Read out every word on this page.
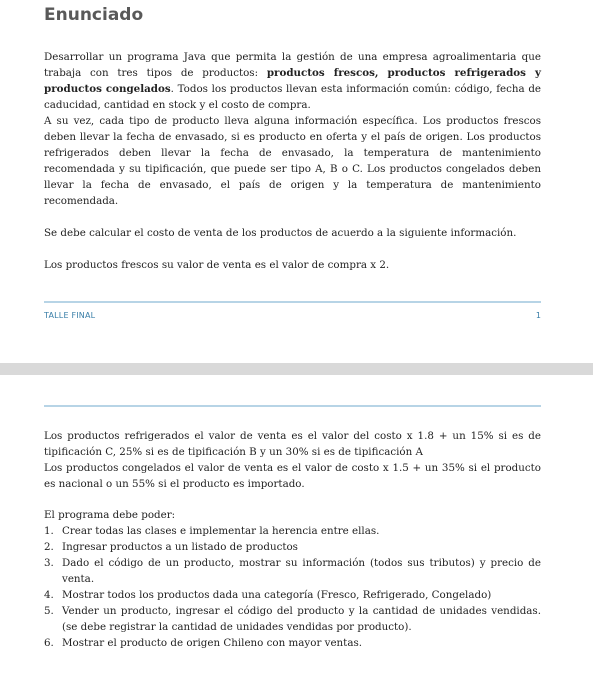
Enunciado

Desarrollar un programa Java que permita la gestión de una empresa agroalimentaria que trabaja con tres tipos de productos: productos frescos, productos refrigerados y productos congelados. Todos los productos llevan esta información común: código, fecha de caducidad, cantidad en stock y el costo de compra.

A su vez, cada tipo de producto lleva alguna información específica. Los productos frescos deben llevar la fecha de envasado, si es producto en oferta y el país de origen. Los productos refrigerados deben llevar la fecha de envasado, la temperatura de mantenimiento recomendada y su tipificación, que puede ser tipo A, B o C. Los productos congelados deben llevar la fecha de envasado, el país de origen y la temperatura de mantenimiento recomendada.

Se debe calcular el costo de venta de los productos de acuerdo a la siguiente información.

Los productos frescos su valor de venta es el valor de compra x 2.

TALLE FINAL	1

Los productos refrigerados el valor de venta es el valor del costo x 1.8 + un 15% si es de tipificación C, 25% si es de tipificación B y un 30% si es de tipificación A

Los productos congelados el valor de venta es el valor de costo x 1.5 + un 35% si el producto es nacional o un 55% si el producto es importado.

El programa debe poder:

1. Crear todas las clases e implementar la herencia entre ellas.
2. Ingresar productos a un listado de productos
3. Dado el código de un producto, mostrar su información (todos sus tributos) y precio de venta.
4. Mostrar todos los productos dada una categoría (Fresco, Refrigerado, Congelado)
5. Vender un producto, ingresar el código del producto y la cantidad de unidades vendidas. (se debe registrar la cantidad de unidades vendidas por producto).
6. Mostrar el producto de origen Chileno con mayor ventas.
